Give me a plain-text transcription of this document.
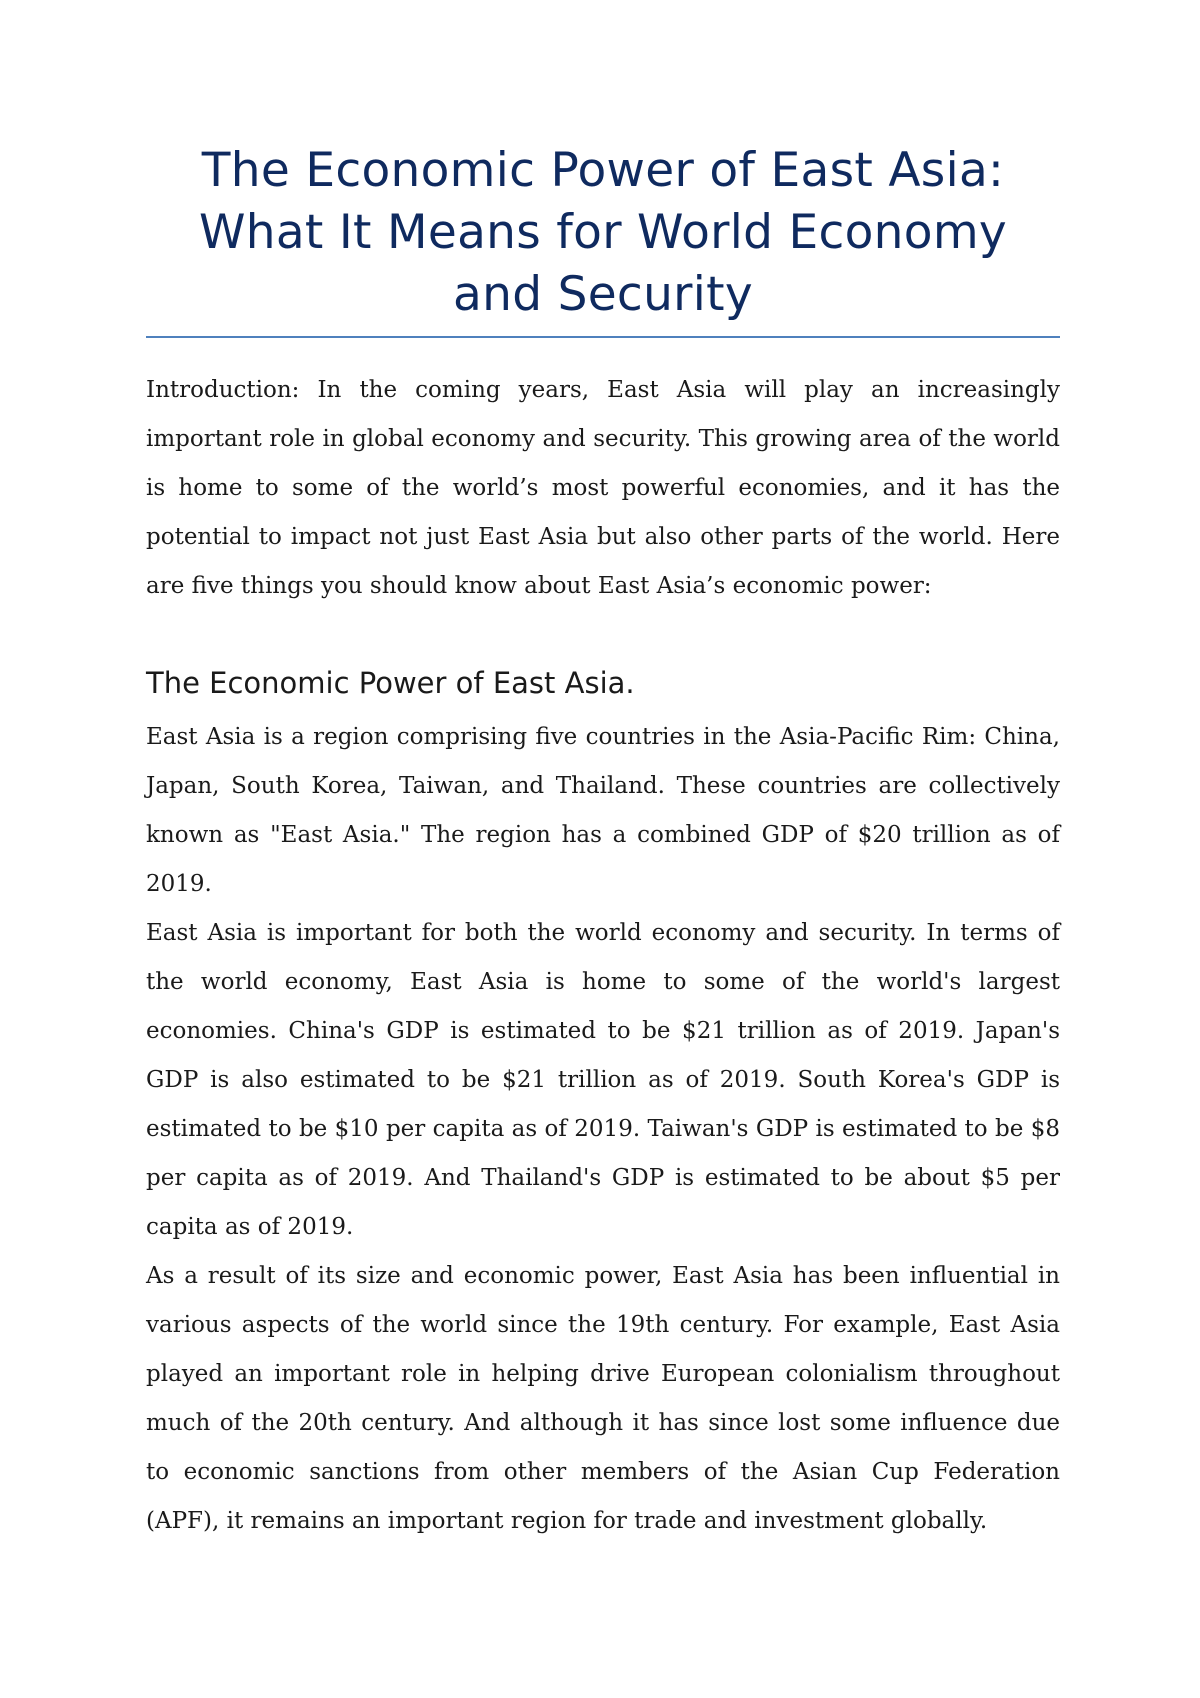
The Economic Power of East Asia:
What It Means for World Economy
and Security

Introduction: In the coming years, East Asia will play an increasingly important role in global economy and security. This growing area of the world is home to some of the world’s most powerful economies, and it has the potential to impact not just East Asia but also other parts of the world. Here are five things you should know about East Asia’s economic power:

The Economic Power of East Asia.

East Asia is a region comprising five countries in the Asia-Pacific Rim: China, Japan, South Korea, Taiwan, and Thailand. These countries are collectively known as "East Asia." The region has a combined GDP of $20 trillion as of 2019.

East Asia is important for both the world economy and security. In terms of the world economy, East Asia is home to some of the world's largest economies. China's GDP is estimated to be $21 trillion as of 2019. Japan's GDP is also estimated to be $21 trillion as of 2019. South Korea's GDP is estimated to be $10 per capita as of 2019. Taiwan's GDP is estimated to be $8 per capita as of 2019. And Thailand's GDP is estimated to be about $5 per capita as of 2019.

As a result of its size and economic power, East Asia has been influential in various aspects of the world since the 19th century. For example, East Asia played an important role in helping drive European colonialism throughout much of the 20th century. And although it has since lost some influence due to economic sanctions from other members of the Asian Cup Federation (APF), it remains an important region for trade and investment globally.
